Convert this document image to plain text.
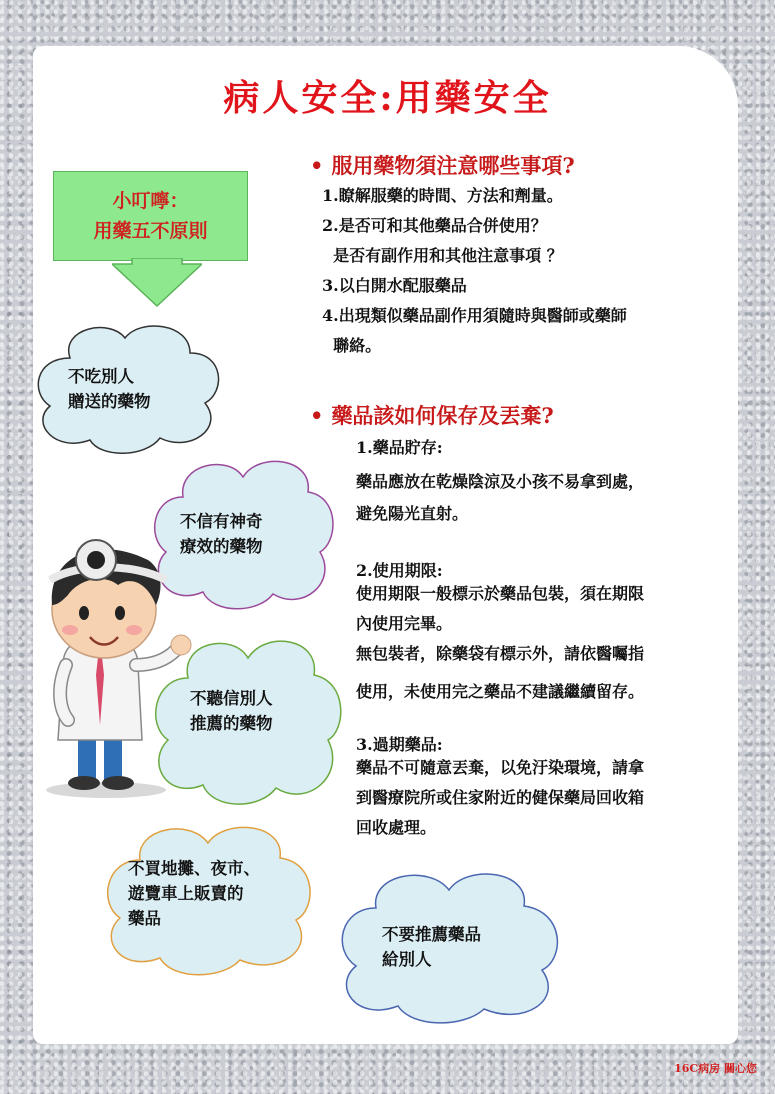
病人安全:用藥安全
小叮嚀：
用藥五不原則
不吃別人
贈送的藥物
不信有神奇
療效的藥物
不聽信別人
推薦的藥物
不買地攤、夜市、
遊覽車上販賣的
藥品
不要推薦藥品
給別人
• 服用藥物須注意哪些事項?
1.瞭解服藥的時間、方法和劑量。
2.是否可和其他藥品合併使用？
是否有副作用和其他注意事項 ？
3.以白開水配服藥品
4.出現類似藥品副作用須隨時與醫師或藥師
聯絡。
• 藥品該如何保存及丟棄?
1.藥品貯存:
藥品應放在乾燥陰涼及小孩不易拿到處，
避免陽光直射。
2.使用期限:
使用期限一般標示於藥品包裝，須在期限
內使用完畢。
無包裝者，除藥袋有標示外，請依醫囑指
使用，未使用完之藥品不建議繼續留存。
3.過期藥品:
藥品不可隨意丟棄，以免汙染環境，請拿
到醫療院所或住家附近的健保藥局回收箱
回收處理。
16C病房 關心您
